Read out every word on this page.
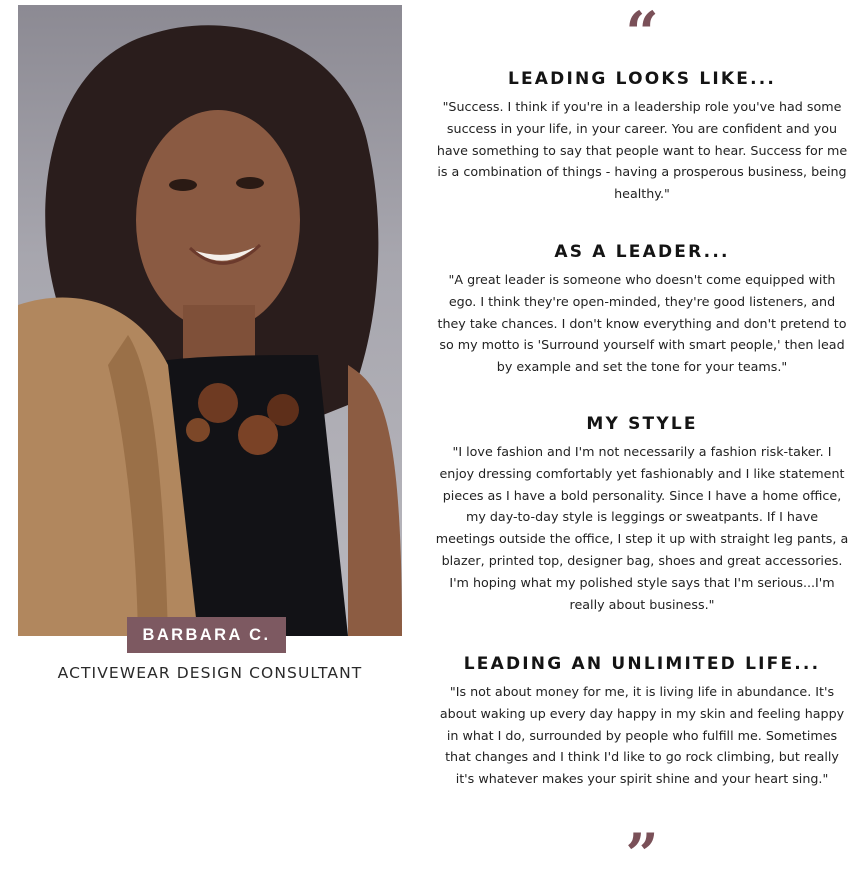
BARBARA C.
ACTIVEWEAR DESIGN CONSULTANT
“
LEADING LOOKS LIKE...

"Success. I think if you're in a leadership role you've had some success in your life, in your career. You are confident and you have something to say that people want to hear. Success for me is a combination of things - having a prosperous business, being healthy."

AS A LEADER...

"A great leader is someone who doesn't come equipped with ego. I think they're open-minded, they're good listeners, and they take chances. I don't know everything and don't pretend to so my motto is 'Surround yourself with smart people,' then lead by example and set the tone for your teams."

MY STYLE

"I love fashion and I'm not necessarily a fashion risk-taker. I enjoy dressing comfortably yet fashionably and I like statement pieces as I have a bold personality. Since I have a home office, my day-to-day style is leggings or sweatpants. If I have meetings outside the office, I step it up with straight leg pants, a blazer, printed top, designer bag, shoes and great accessories. I'm hoping what my polished style says that I'm serious...I'm really about business."

LEADING AN UNLIMITED LIFE...

"Is not about money for me, it is living life in abundance. It's about waking up every day happy in my skin and feeling happy in what I do, surrounded by people who fulfill me. Sometimes that changes and I think I'd like to go rock climbing, but really it's whatever makes your spirit shine and your heart sing."

”
